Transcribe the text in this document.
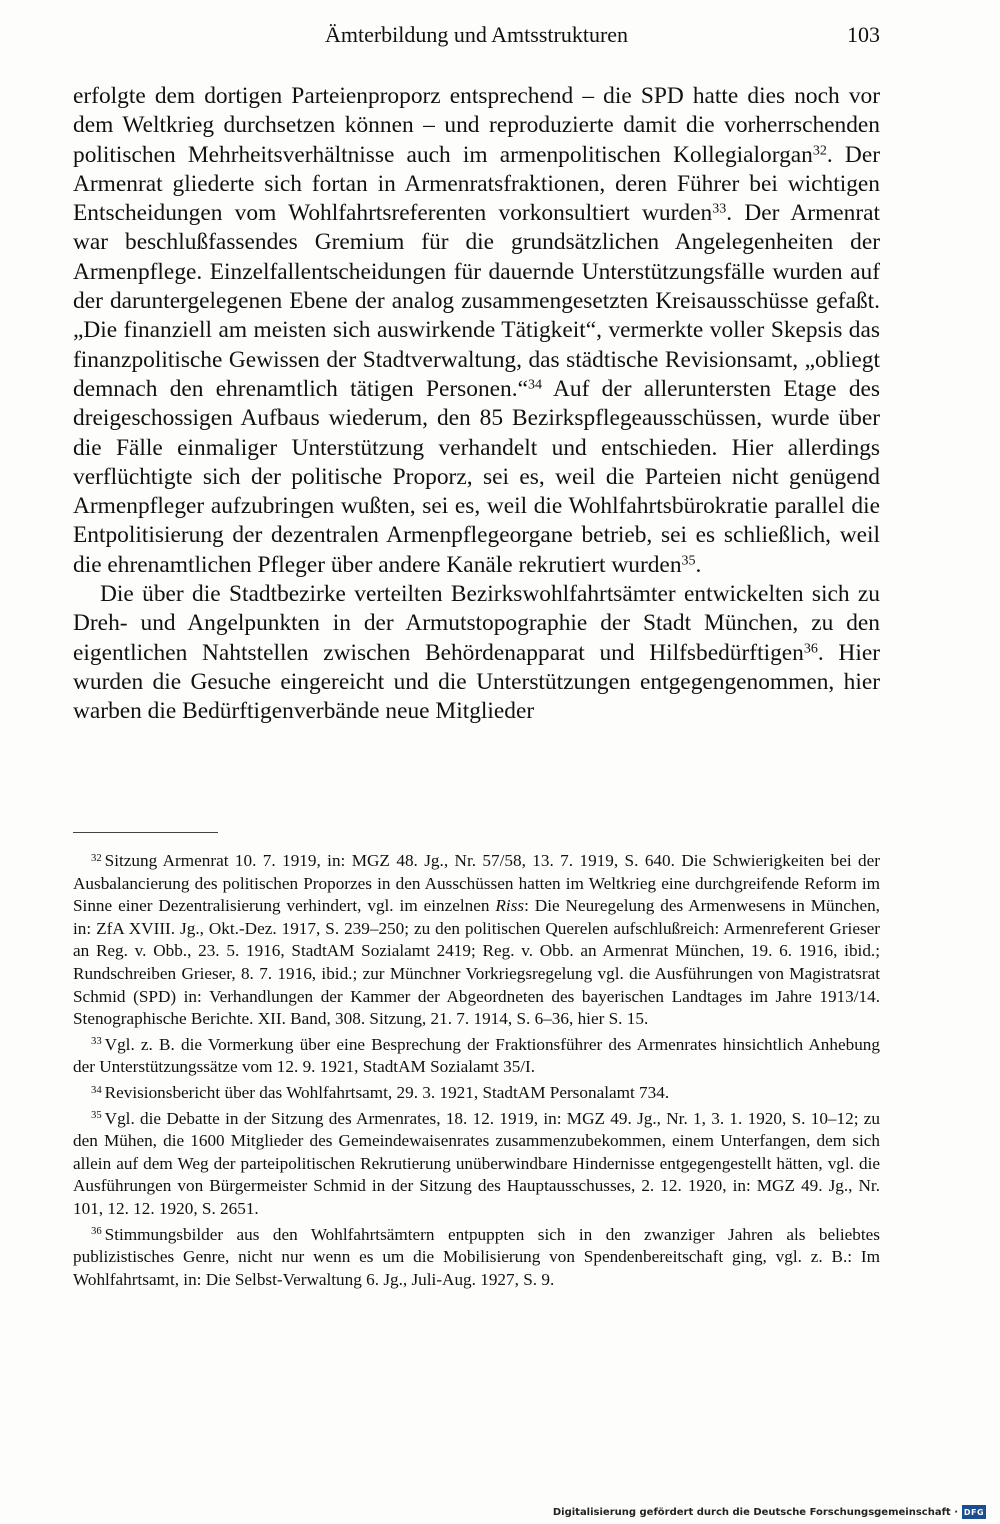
Ämterbildung und Amtsstrukturen	103

erfolgte dem dortigen Parteienproporz entsprechend – die SPD hatte dies noch vor dem Weltkrieg durchsetzen können – und reproduzierte damit die vorherrschenden politischen Mehrheitsverhältnisse auch im armenpolitischen Kollegialorgan$^{32}$. Der Armenrat gliederte sich fortan in Armenratsfraktionen, deren Führer bei wichtigen Entscheidungen vom Wohlfahrtsreferenten vorkonsultiert wurden$^{33}$. Der Armenrat war beschlußfassendes Gremium für die grundsätzlichen Angelegenheiten der Armenpflege. Einzelfallentscheidungen für dauernde Unterstützungsfälle wurden auf der daruntergelegenen Ebene der analog zusammengesetzten Kreisausschüsse gefaßt. „Die finanziell am meisten sich auswirkende Tätigkeit“, vermerkte voller Skepsis das finanzpolitische Gewissen der Stadtverwaltung, das städtische Revisionsamt, „obliegt demnach den ehrenamtlich tätigen Personen.“$^{34}$ Auf der alleruntersten Etage des dreigeschossigen Aufbaus wiederum, den 85 Bezirkspflegeausschüssen, wurde über die Fälle einmaliger Unterstützung verhandelt und entschieden. Hier allerdings verflüchtigte sich der politische Proporz, sei es, weil die Parteien nicht genügend Armenpfleger aufzubringen wußten, sei es, weil die Wohlfahrtsbürokratie parallel die Entpolitisierung der dezentralen Armenpflegeorgane betrieb, sei es schließlich, weil die ehrenamtlichen Pfleger über andere Kanäle rekrutiert wurden$^{35}$.

Die über die Stadtbezirke verteilten Bezirkswohlfahrtsämter entwickelten sich zu Dreh- und Angelpunkten in der Armutstopographie der Stadt München, zu den eigentlichen Nahtstellen zwischen Behördenapparat und Hilfsbedürftigen$^{36}$. Hier wurden die Gesuche eingereicht und die Unterstützungen entgegengenommen, hier warben die Bedürftigenverbände neue Mitglieder

$^{32}$ Sitzung Armenrat 10. 7. 1919, in: MGZ 48. Jg., Nr. 57/58, 13. 7. 1919, S. 640. Die Schwierigkeiten bei der Ausbalancierung des politischen Proporzes in den Ausschüssen hatten im Weltkrieg eine durchgreifende Reform im Sinne einer Dezentralisierung verhindert, vgl. im einzelnen Riss: Die Neuregelung des Armenwesens in München, in: ZfA XVIII. Jg., Okt.-Dez. 1917, S. 239–250; zu den politischen Querelen aufschlußreich: Armenreferent Grieser an Reg. v. Obb., 23. 5. 1916, StadtAM Sozialamt 2419; Reg. v. Obb. an Armenrat München, 19. 6. 1916, ibid.; Rundschreiben Grieser, 8. 7. 1916, ibid.; zur Münchner Vorkriegsregelung vgl. die Ausführungen von Magistratsrat Schmid (SPD) in: Verhandlungen der Kammer der Abgeordneten des bayerischen Landtages im Jahre 1913/14. Stenographische Berichte. XII. Band, 308. Sitzung, 21. 7. 1914, S. 6–36, hier S. 15.

$^{33}$ Vgl. z. B. die Vormerkung über eine Besprechung der Fraktionsführer des Armenrates hinsichtlich Anhebung der Unterstützungssätze vom 12. 9. 1921, StadtAM Sozialamt 35/I.

$^{34}$ Revisionsbericht über das Wohlfahrtsamt, 29. 3. 1921, StadtAM Personalamt 734.

$^{35}$ Vgl. die Debatte in der Sitzung des Armenrates, 18. 12. 1919, in: MGZ 49. Jg., Nr. 1, 3. 1. 1920, S. 10–12; zu den Mühen, die 1600 Mitglieder des Gemeindewaisenrates zusammenzubekommen, einem Unterfangen, dem sich allein auf dem Weg der parteipolitischen Rekrutierung unüberwindbare Hindernisse entgegengestellt hätten, vgl. die Ausführungen von Bürgermeister Schmid in der Sitzung des Hauptausschusses, 2. 12. 1920, in: MGZ 49. Jg., Nr. 101, 12. 12. 1920, S. 2651.

$^{36}$ Stimmungsbilder aus den Wohlfahrtsämtern entpuppten sich in den zwanziger Jahren als beliebtes publizistisches Genre, nicht nur wenn es um die Mobilisierung von Spendenbereitschaft ging, vgl. z. B.: Im Wohlfahrtsamt, in: Die Selbst-Verwaltung 6. Jg., Juli-Aug. 1927, S. 9.

Digitalisierung gefördert durch die Deutsche Forschungsgemeinschaft · DFG
